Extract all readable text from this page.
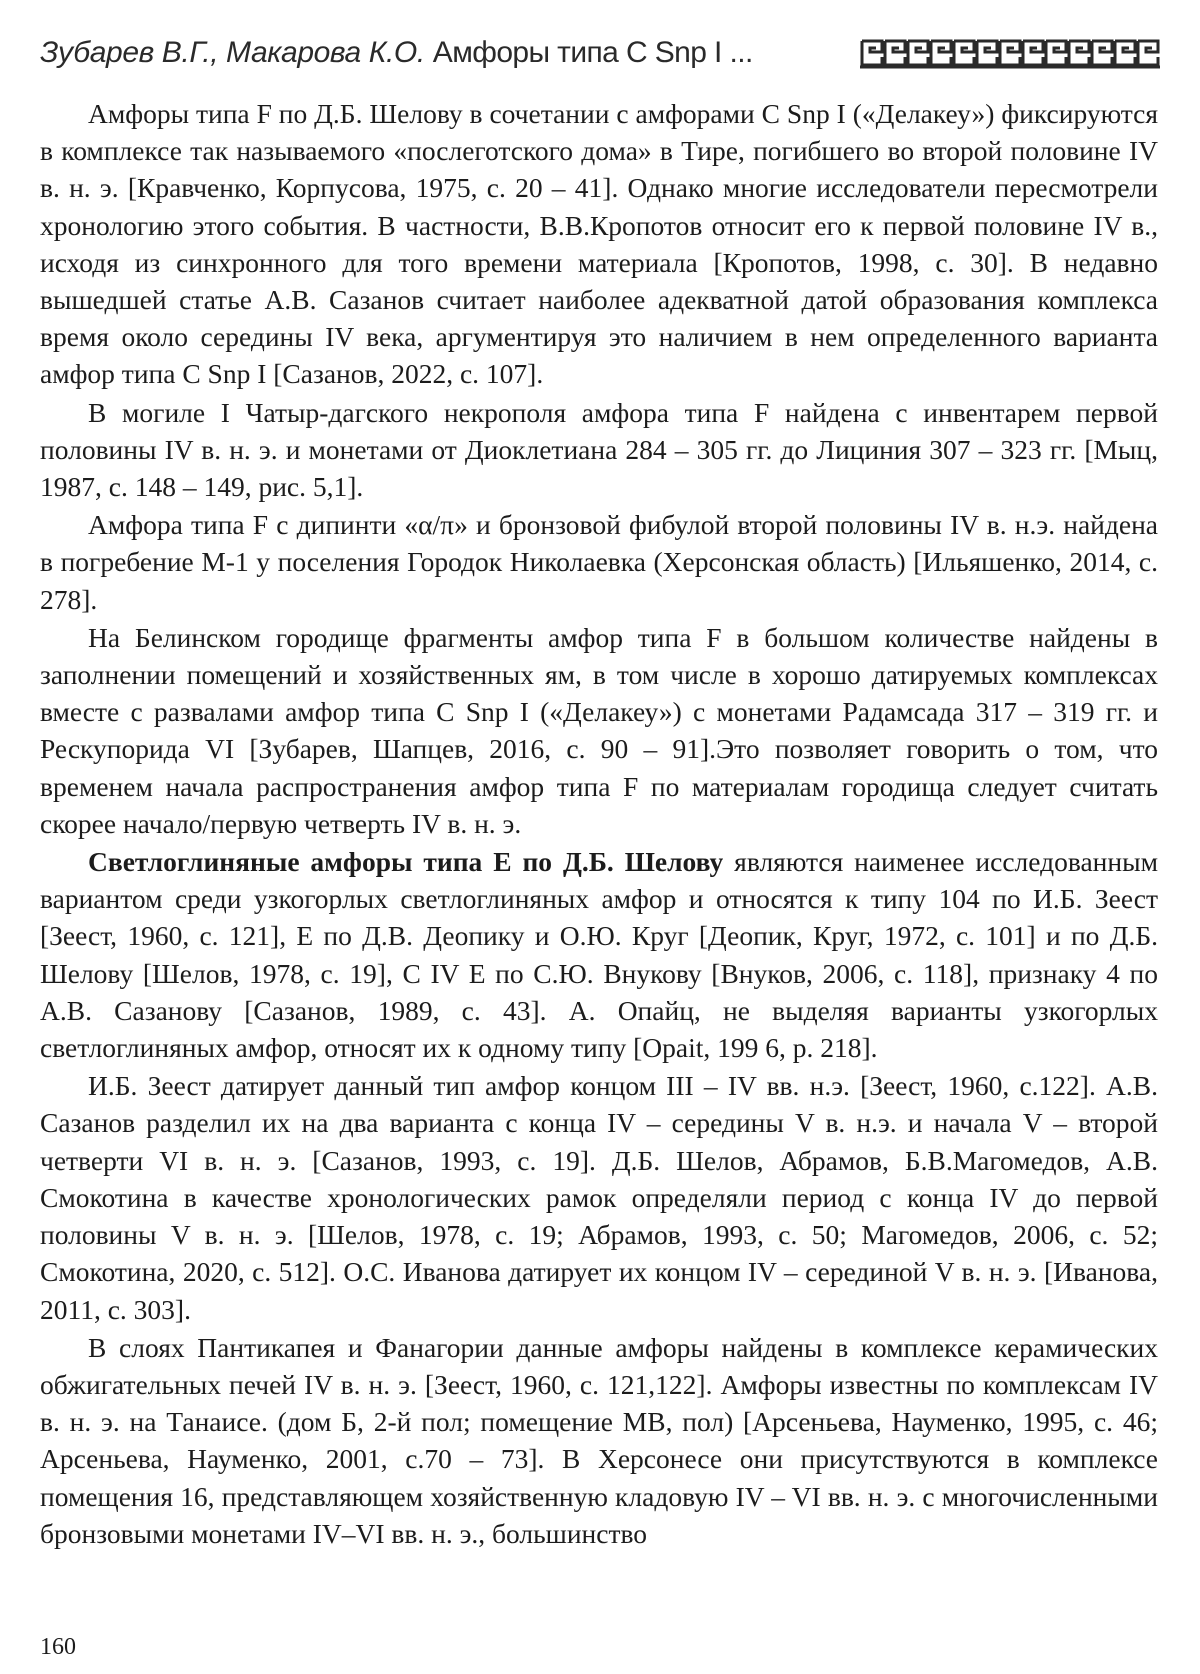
Зубарев В.Г., Макарова К.О. Амфоры типа С Snp I ...

Амфоры типа F по Д.Б. Шелову в сочетании с амфорами С Snp I («Делакеу») фиксируются в комплексе так называемого «послеготского дома» в Тире, погибшего во второй половине IV в. н. э. [Кравченко, Корпусова, 1975, с. 20 – 41]. Однако многие исследователи пересмотрели хронологию этого события. В частности, В.В.Кропотов относит его к первой половине IV в., исходя из синхронного для того времени материала [Кропотов, 1998, с. 30]. В недавно вышедшей статье А.В. Сазанов считает наиболее адекватной датой образования комплекса время около середины IV века, аргументируя это наличием в нем определенного варианта амфор типа С Snp I [Сазанов, 2022, с. 107].

В могиле I Чатыр-дагского некрополя амфора типа F найдена с инвентарем первой половины IV в. н. э. и монетами от Диоклетиана 284 – 305 гг. до Лициния 307 – 323 гг. [Мыц, 1987, с. 148 – 149, рис. 5,1].

Амфора типа F с дипинти «α/π» и бронзовой фибулой второй половины IV в. н.э. найдена в погребение М-1 у поселения Городок Николаевка (Херсонская область) [Ильяшенко, 2014, с. 278].

На Белинском городище фрагменты амфор типа F в большом количестве найдены в заполнении помещений и хозяйственных ям, в том числе в хорошо датируемых комплексах вместе с развалами амфор типа С Snp I («Делакеу») с монетами Радамсада 317 – 319 гг. и Рескупорида VI [Зубарев, Шапцев, 2016, с. 90 – 91].Это позволяет говорить о том, что временем начала распространения амфор типа F по материалам городища следует считать скорее начало/первую четверть IV в. н. э.

Светлоглиняные амфоры типа Е по Д.Б. Шелову являются наименее исследованным вариантом среди узкогорлых светлоглиняных амфор и относятся к типу 104 по И.Б. Зеест [Зеест, 1960, с. 121], Е по Д.В. Деопику и О.Ю. Круг [Деопик, Круг, 1972, с. 101] и по Д.Б. Шелову [Шелов, 1978, с. 19], С IV Е по С.Ю. Внукову [Внуков, 2006, с. 118], признаку 4 по А.В. Сазанову [Сазанов, 1989, с. 43]. А. Опайц, не выделяя варианты узкогорлых светлоглиняных амфор, относят их к одному типу [Opait, 199 6, p. 218].

И.Б. Зеест датирует данный тип амфор концом III – IV вв. н.э. [Зеест, 1960, с.122]. А.В. Сазанов разделил их на два варианта с конца IV – середины V в. н.э. и начала V – второй четверти VI в. н. э. [Сазанов, 1993, с. 19]. Д.Б. Шелов, Абрамов, Б.В.Магомедов, А.В. Смокотина в качестве хронологических рамок определяли период с конца IV до первой половины V в. н. э. [Шелов, 1978, с. 19; Абрамов, 1993, с. 50; Магомедов, 2006, с. 52; Смокотина, 2020, с. 512]. О.С. Иванова датирует их концом IV – серединой V в. н. э. [Иванова, 2011, с. 303].

В слоях Пантикапея и Фанагории данные амфоры найдены в комплексе керамических обжигательных печей IV в. н. э. [Зеест, 1960, с. 121,122]. Амфоры известны по комплексам IV в. н. э. на Танаисе. (дом Б, 2-й пол; помещение МВ, пол) [Арсеньева, Науменко, 1995, с. 46; Арсеньева, Науменко, 2001, с.70 – 73]. В Херсонесе они присутствуются в комплексе помещения 16, представляющем хозяйственную кладовую IV – VI вв. н. э. с многочисленными бронзовыми монетами IV–VI вв. н. э., большинство

160
